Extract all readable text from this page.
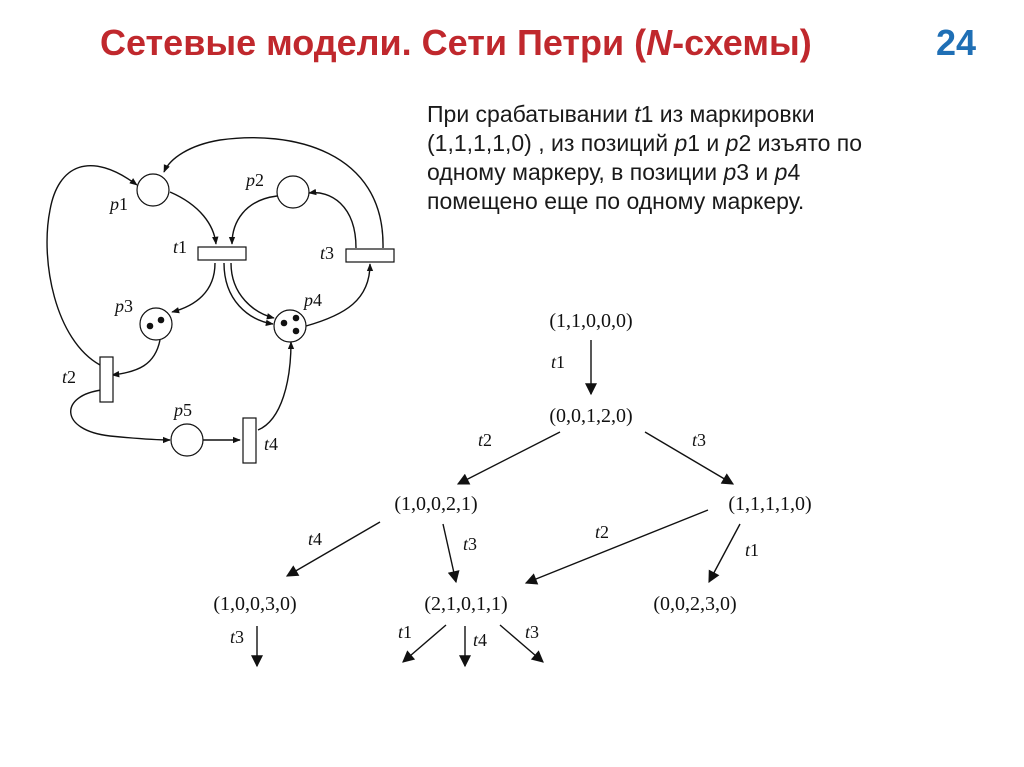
Сетевые модели. Сети Петри (N-схемы)	24
При срабатывании t1 из маркировки
(1,1,1,1,0) , из позиций p1 и p2 изъято по
одному маркеру, в позиции p3 и p4
помещено еще по одному маркеру.
p1
p2
p3	p4
p5
t1
t2
t3
t4
(1,1,0,0,0)
(0,0,1,2,0)
(1,0,0,2,1)	(1,1,1,1,0)
(1,0,0,3,0)	(2,1,0,1,1)	(0,0,2,3,0)
t1
t2	t3
t4	t3
t2
t1
t3	t1	t4 t3
